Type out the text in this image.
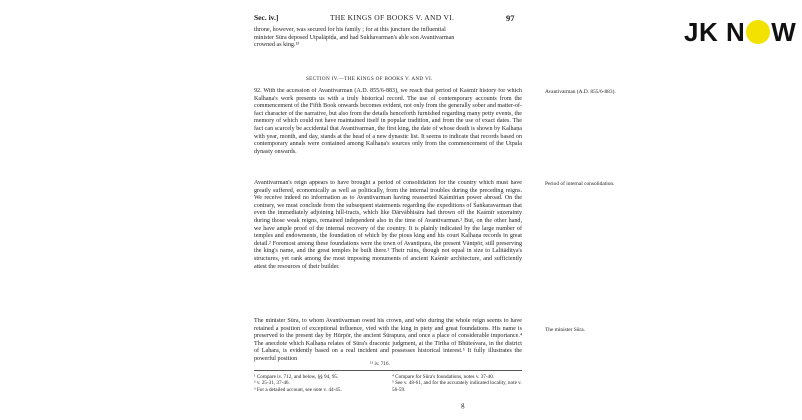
Sec. iv.]	THE KINGS OF BOOKS V. AND VI.	97
throne, however, was secured for his family ; for at this juncture the influential
minister Sūra deposed Utpalāpīḍa, and had Sukhavarman's able son Avantivarman
crowned as king.¹³
SECTION IV.—THE KINGS OF BOOKS V. AND VI.
92. With the accession of Avantivarman (A.D. 855/6-883), we reach that period of Kaśmīr history for which Kalhaṇa's work presents us with a truly historical record. The use of contemporary accounts from the commencement of the Fifth Book onwards becomes evident, not only from the generally sober and matter-of-fact character of the narrative, but also from the details henceforth furnished regarding many petty events, the memory of which could not have maintained itself in popular tradition, and from the use of exact dates. The fact can scarcely be accidental that Avantivarman, the first king, the date of whose death is shown by Kalhaṇa with year, month, and day, stands at the head of a new dynastic list. It seems to indicate that records based on contemporary annals were contained among Kalhaṇa's sources only from the commencement of the Utpala dynasty onwards.
Avantivarman's reign appears to have brought a period of consolidation for the country which must have greatly suffered, economically as well as politically, from the internal troubles during the preceding reigns. We receive indeed no information as to Avantivarman having reasserted Kaśmīrian power abroad. On the contrary, we must conclude from the subsequent statements regarding the expeditions of Śaṅkaravarman that even the immediately adjoining hill-tracts, which like Dārvābhisāra had thrown off the Kaśmīr suzerainty during those weak reigns, remained independent also in the time of Avantivarman.¹ But, on the other hand, we have ample proof of the internal recovery of the country. It is plainly indicated by the large number of temples and endowments, the foundation of which by the pious king and his court Kalhaṇa records in great detail.² Foremost among these foundations were the town of Avantipura, the present Vāntpōr, still preserving the king's name, and the great temples he built there.³ Their ruins, though not equal in size to Lalitāditya's structures, yet rank among the most imposing monuments of ancient Kaśmīr architecture, and sufficiently attest the resources of their builder.
The minister Sūra, to whom Avantivarman owed his crown, and who during the whole reign seems to have retained a position of exceptional influence, vied with the king in piety and great foundations. His name is preserved to the present day by Hūrpōr, the ancient Śūrapura, and once a place of considerable importance.⁴ The anecdote which Kalhaṇa relates of Sūra's draconic judgment, at the Tīrtha of Bhūteśvara, in the district of Lahara, is evidently based on a real incident and possesses historical interest.⁵ It fully illustrates the powerful position
Avantivarman (A.D. 855/6-883).
Period of internal consolidation.
The minister Sūra.
¹³ iv. 716.
¹ Compare iv. 712, and below, §§ 94, 95.
² v. 25-31, 37-46.
³ For a detailed account, see note v. 44-45.
⁴ Compare for Sūra's foundations, notes v. 37-40.
⁵ See v. 48-61, and for the accurately indicated locality, note v. 56-59.
g
JK N W
